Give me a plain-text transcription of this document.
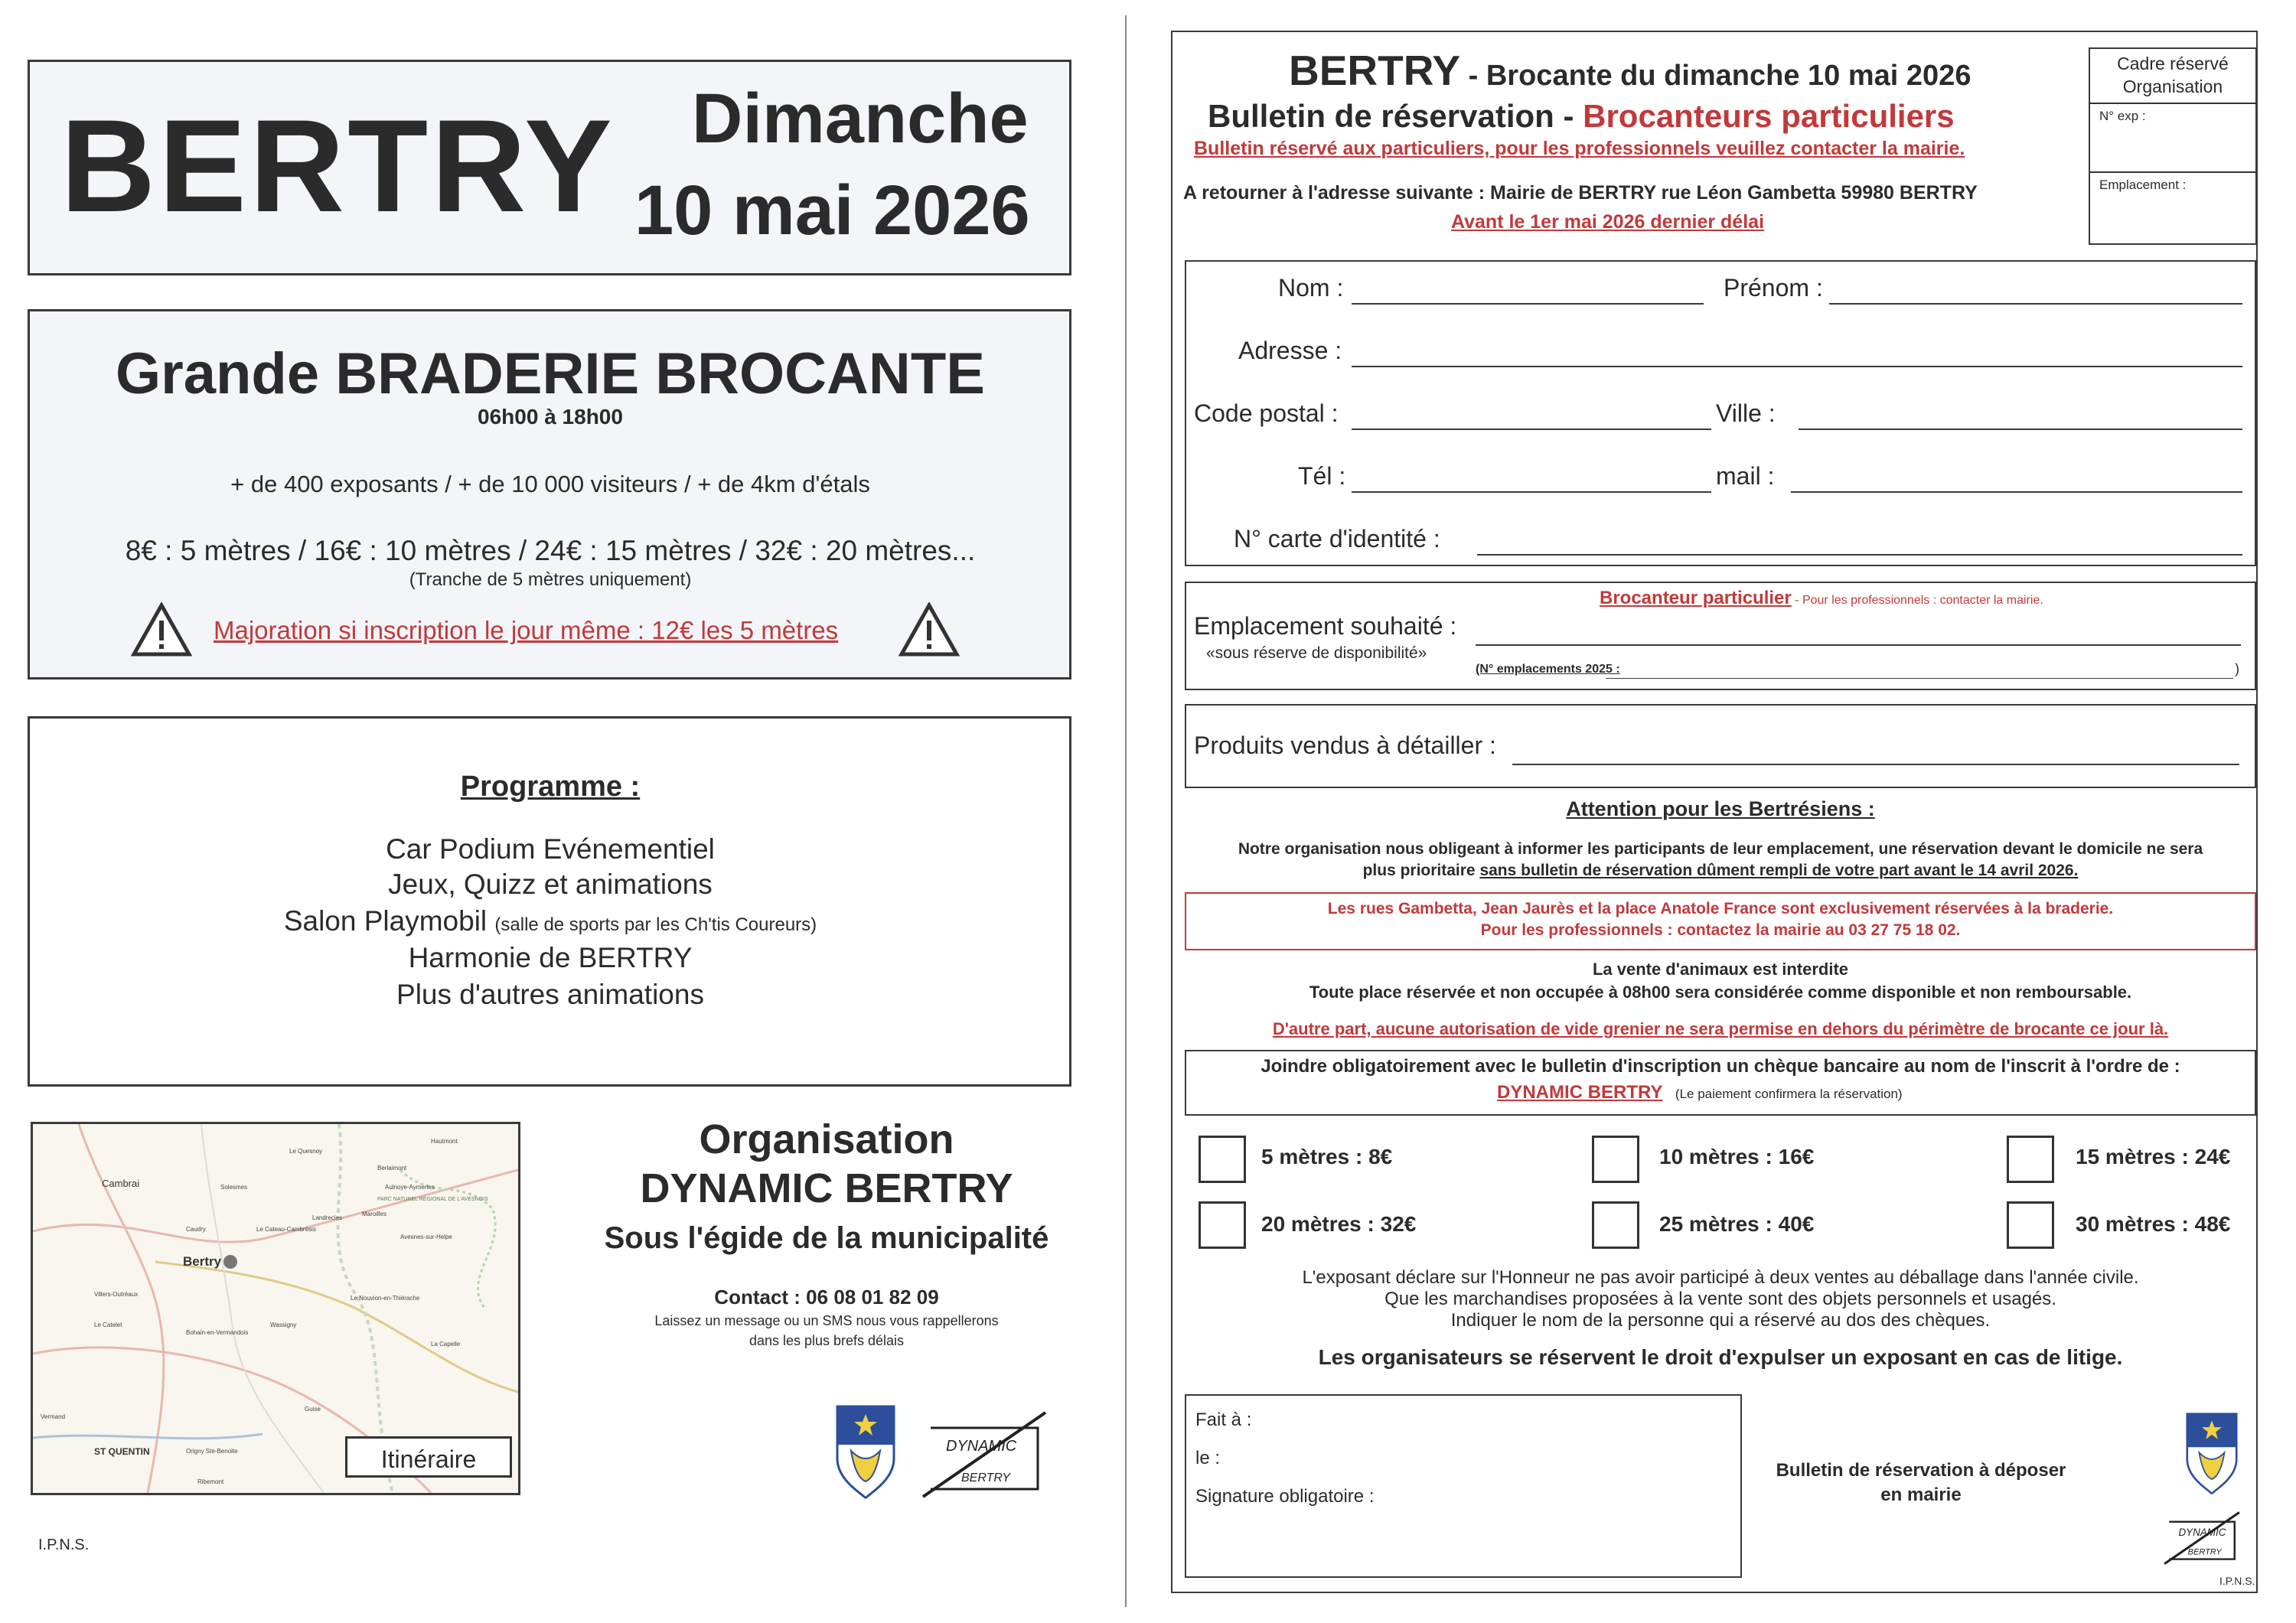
BERTRY Dimanche
10 mai 2026
Grande BRADERIE BROCANTE
06h00 à 18h00
+ de 400 exposants / + de 10 000 visiteurs / + de 4km d'étals
8€ : 5 mètres / 16€ : 10 mètres / 24€ : 15 mètres / 32€ : 20 mètres...
(Tranche de 5 mètres uniquement)
Majoration si inscription le jour même : 12€ les 5 mètres
Programme :
Car Podium Evénementiel
Jeux, Quizz et animations
Salon Playmobil (salle de sports par les Ch'tis Coureurs)
Harmonie de BERTRY
Plus d'autres animations
Cambrai
Bertry
ST QUENTIN
Le Cateau-Cambrésis
Caudry
Landrecies
Villers-Outréaux
Bohain-en-Vermandois
Guise
Le Nouvion-en-Thiérache
Wassigny
Solesmes
Le Quesnoy
Berlaimont
Maroilles
Avesnes-sur-Helpe
Le Catelet
Vermand
Origny Ste-Benoite
Ribemont
La Capelle
Aulnoye-Aymeries
Hautmont
PARC NATUREL RÉGIONAL DE L'AVESNOIS
Itinéraire
Organisation
DYNAMIC BERTRY
Sous l'égide de la municipalité
Contact : 06 08 01 82 09
Laissez un message ou un SMS nous vous rappellerons
dans les plus brefs délais
DYNAMIC
BERTRY
I.P.N.S.
BERTRY - Brocante du dimanche 10 mai 2026
Bulletin de réservation - Brocanteurs particuliers
Bulletin réservé aux particuliers, pour les professionnels veuillez contacter la mairie.
A retourner à l'adresse suivante : Mairie de BERTRY rue Léon Gambetta 59980 BERTRY
Avant le 1er mai 2026 dernier délai
Cadre réservé
Organisation
N° exp :
Emplacement :
Nom :	Prénom :
Adresse :
Code postal :	Ville :
Tél :	mail :
N° carte d'identité :
Brocanteur particulier - Pour les professionnels : contacter la mairie.
Emplacement souhaité :
«sous réserve de disponibilité»
(N° emplacements 2025 :	)
Produits vendus à détailler :
Attention pour les Bertrésiens :
Notre organisation nous obligeant à informer les participants de leur emplacement, une réservation devant le domicile ne sera
plus prioritaire sans bulletin de réservation dûment rempli de votre part avant le 14 avril 2026.
Les rues Gambetta, Jean Jaurès et la place Anatole France sont exclusivement réservées à la braderie.
Pour les professionnels : contactez la mairie au 03 27 75 18 02.
La vente d'animaux est interdite
Toute place réservée et non occupée à 08h00 sera considérée comme disponible et non remboursable.
D'autre part, aucune autorisation de vide grenier ne sera permise en dehors du périmètre de brocante ce jour là.
Joindre obligatoirement avec le bulletin d'inscription un chèque bancaire au nom de l'inscrit à l'ordre de :
DYNAMIC BERTRY (Le paiement confirmera la réservation)
5 mètres : 8€	10 mètres : 16€	15 mètres : 24€
20 mètres : 32€	25 mètres : 40€	30 mètres : 48€
L'exposant déclare sur l'Honneur ne pas avoir participé à deux ventes au déballage dans l'année civile.
Que les marchandises proposées à la vente sont des objets personnels et usagés.
Indiquer le nom de la personne qui a réservé au dos des chèques.
Les organisateurs se réservent le droit d'expulser un exposant en cas de litige.
Fait à :
le :
Signature obligatoire :
Bulletin de réservation à déposer
en mairie
DYNAMIC
BERTRY
I.P.N.S.
